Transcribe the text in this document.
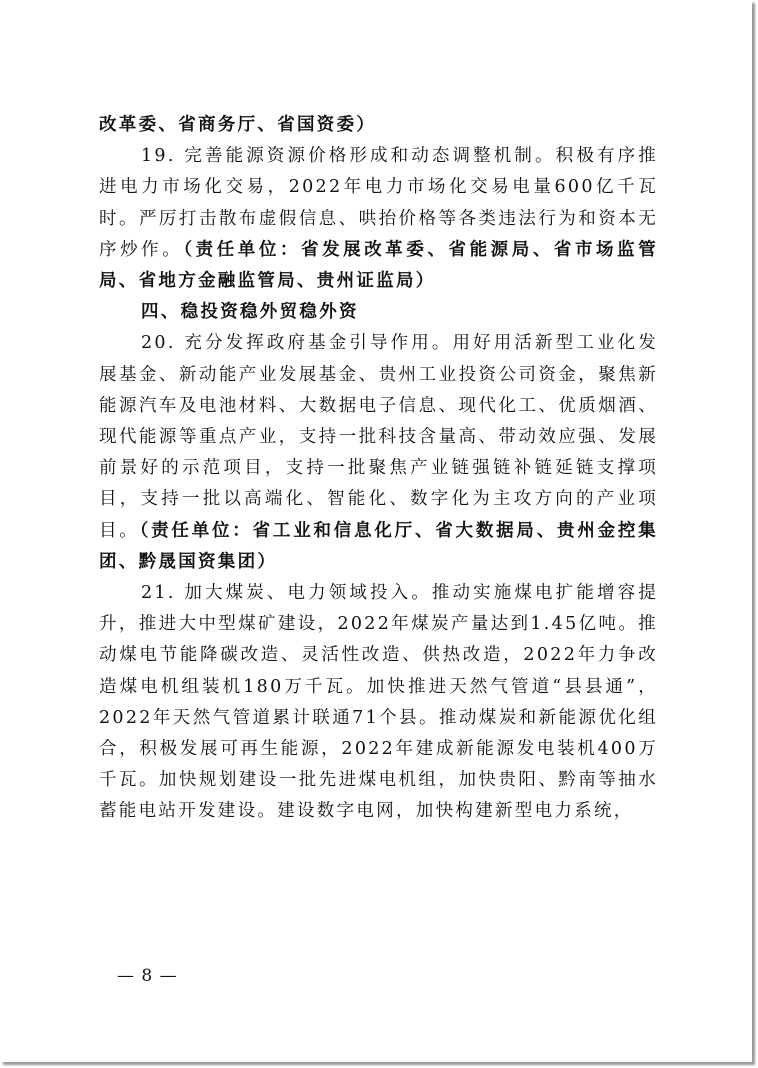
改革委、省商务厅、省国资委）

19. 完善能源资源价格形成和动态调整机制。积极有序推进电力市场化交易，2022年电力市场化交易电量600亿千瓦时。严厉打击散布虚假信息、哄抬价格等各类违法行为和资本无序炒作。（责任单位：省发展改革委、省能源局、省市场监管局、省地方金融监管局、贵州证监局）

四、稳投资稳外贸稳外资

20. 充分发挥政府基金引导作用。用好用活新型工业化发展基金、新动能产业发展基金、贵州工业投资公司资金，聚焦新能源汽车及电池材料、大数据电子信息、现代化工、优质烟酒、现代能源等重点产业，支持一批科技含量高、带动效应强、发展前景好的示范项目，支持一批聚焦产业链强链补链延链支撑项目，支持一批以高端化、智能化、数字化为主攻方向的产业项目。（责任单位：省工业和信息化厅、省大数据局、贵州金控集团、黔晟国资集团）

21. 加大煤炭、电力领域投入。推动实施煤电扩能增容提升，推进大中型煤矿建设，2022年煤炭产量达到1.45亿吨。推动煤电节能降碳改造、灵活性改造、供热改造，2022年力争改造煤电机组装机180万千瓦。加快推进天然气管道“县县通”，2022年天然气管道累计联通71个县。推动煤炭和新能源优化组合，积极发展可再生能源，2022年建成新能源发电装机400万千瓦。加快规划建设一批先进煤电机组，加快贵阳、黔南等抽水蓄能电站开发建设。建设数字电网，加快构建新型电力系统，

— 8 —
